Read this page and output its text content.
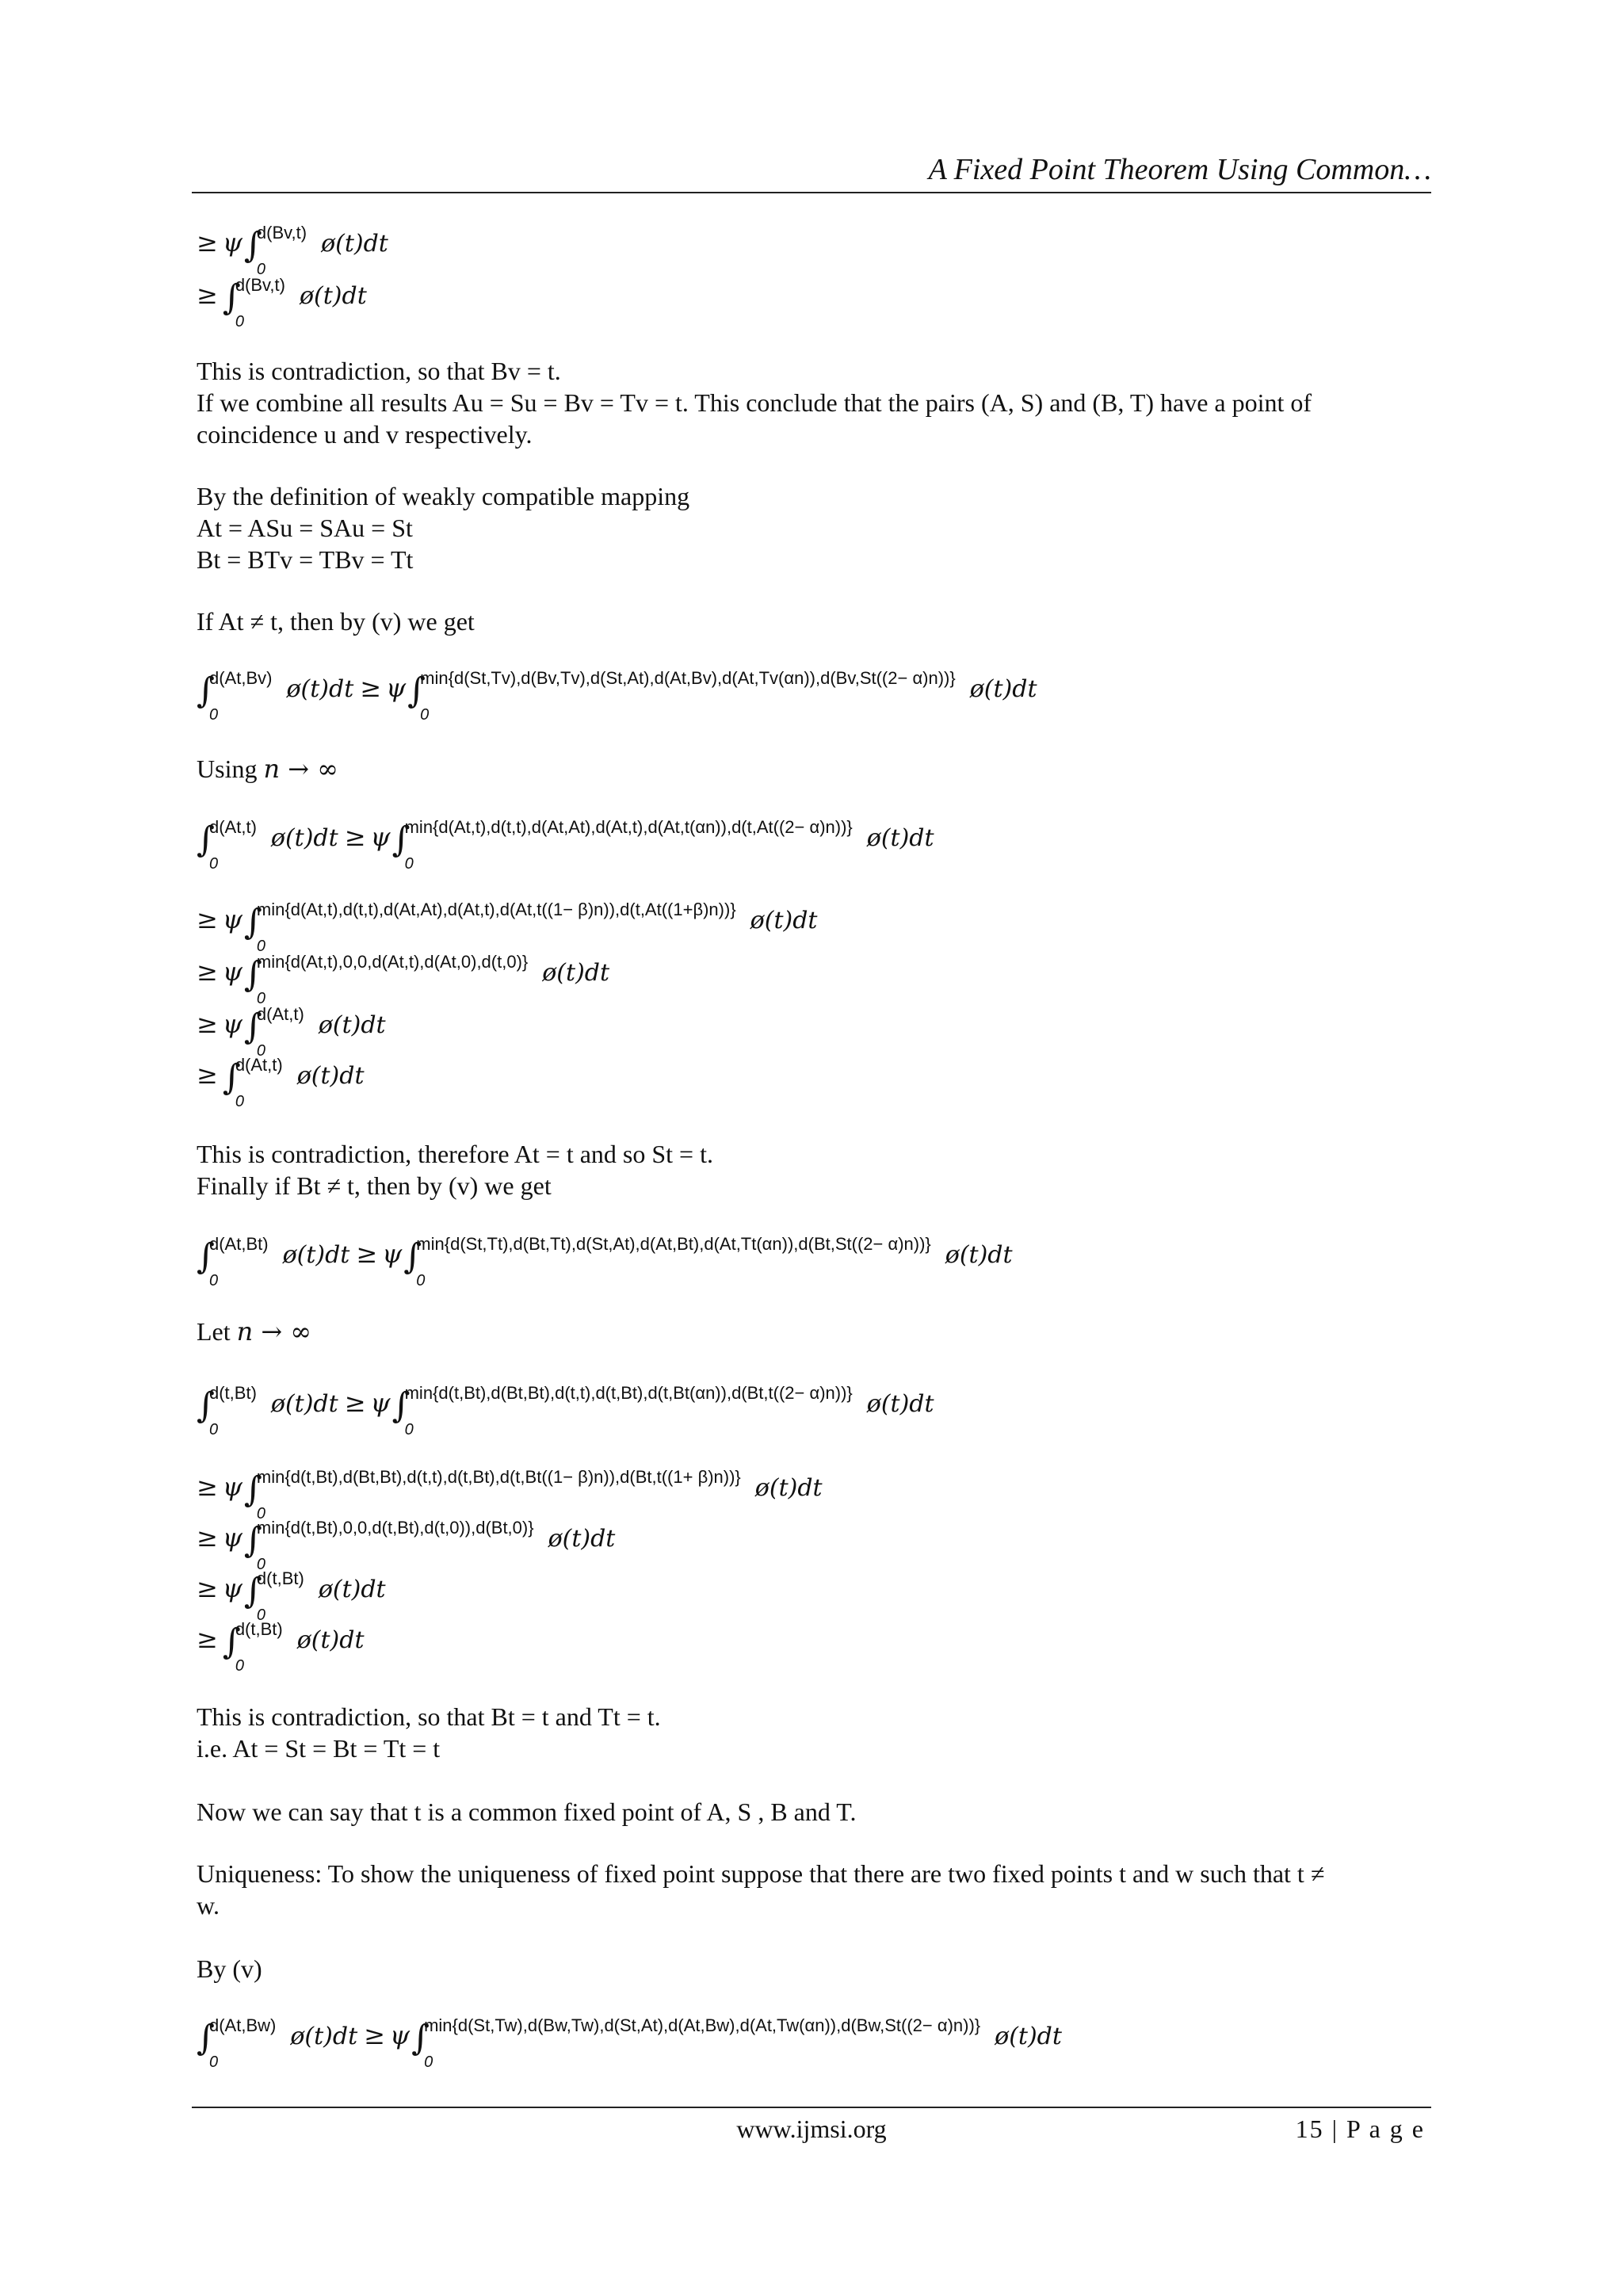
A Fixed Point Theorem Using Common…
≥ ψ∫
0
$^{d(Bv,t)}$ ø(t)dt
≥ ∫
0
$^{d(Bv,t)}$ ø(t)dt
This is contradiction, so that Bv = t.
If we combine all results Au = Su = Bv = Tv = t. This conclude that the pairs (A, S) and (B, T) have a point of
coincidence u and v respectively.
By the definition of weakly compatible mapping
At = ASu = SAu = St
Bt = BTv = TBv = Tt
If At ≠ t, then by (v) we get
∫
0
$^{d(At,Bv)}$ ø(t)dt ≥ ψ∫
0
$^{min\{d(St,Tv),d(Bv,Tv),d(St,At),d(At,Bv),d(At,Tv(\alpha n)),d(Bv,St((2- \alpha)n))\}}$ ø(t)dt
Using n → ∞
∫
0
$^{d(At,t)}$ ø(t)dt ≥ ψ∫
0
$^{min\{d(At,t),d(t,t),d(At,At),d(At,t),d(At,t(\alpha n)),d(t,At((2- \alpha)n))\}}$ ø(t)dt
≥ ψ∫
0
$^{min\{d(At,t),d(t,t),d(At,At),d(At,t),d(At,t((1- \beta)n)),d(t,At((1+\beta)n))\}}$ ø(t)dt
≥ ψ∫
0
$^{min\{d(At,t),0,0,d(At,t),d(At,0),d(t,0)\}}$ ø(t)dt
≥ ψ∫
0
$^{d(At,t)}$ ø(t)dt
≥ ∫
0
$^{d(At,t)}$ ø(t)dt
This is contradiction, therefore At = t and so St = t.
Finally if Bt ≠ t, then by (v) we get
∫
0
$^{d(At,Bt)}$ ø(t)dt ≥ ψ∫
0
$^{min\{d(St,Tt),d(Bt,Tt),d(St,At),d(At,Bt),d(At,Tt(\alpha n)),d(Bt,St((2- \alpha)n))\}}$ ø(t)dt
Let n → ∞
∫
0
$^{d(t,Bt)}$ ø(t)dt ≥ ψ∫
0
$^{min\{d(t,Bt),d(Bt,Bt),d(t,t),d(t,Bt),d(t,Bt(\alpha n)),d(Bt,t((2- \alpha)n))\}}$ ø(t)dt
≥ ψ∫
0
$^{min\{d(t,Bt),d(Bt,Bt),d(t,t),d(t,Bt),d(t,Bt((1- \beta)n)),d(Bt,t((1+ \beta)n))\}}$ ø(t)dt
≥ ψ∫
0
$^{min\{d(t,Bt),0,0,d(t,Bt),d(t,0)),d(Bt,0)\}}$ ø(t)dt
≥ ψ∫
0
$^{d(t,Bt)}$ ø(t)dt
≥ ∫
0
$^{d(t,Bt)}$ ø(t)dt
This is contradiction, so that Bt = t and Tt = t.
i.e. At = St = Bt = Tt = t
Now we can say that t is a common fixed point of A, S , B and T.
Uniqueness: To show the uniqueness of fixed point suppose that there are two fixed points t and w such that t ≠
w.
By (v)
∫
0
$^{d(At,Bw)}$ ø(t)dt ≥ ψ∫
0
$^{min\{d(St,Tw),d(Bw,Tw),d(St,At),d(At,Bw),d(At,Tw(\alpha n)),d(Bw,St((2- \alpha)n))\}}$ ø(t)dt
www.ijmsi.org	15 | P a g e
